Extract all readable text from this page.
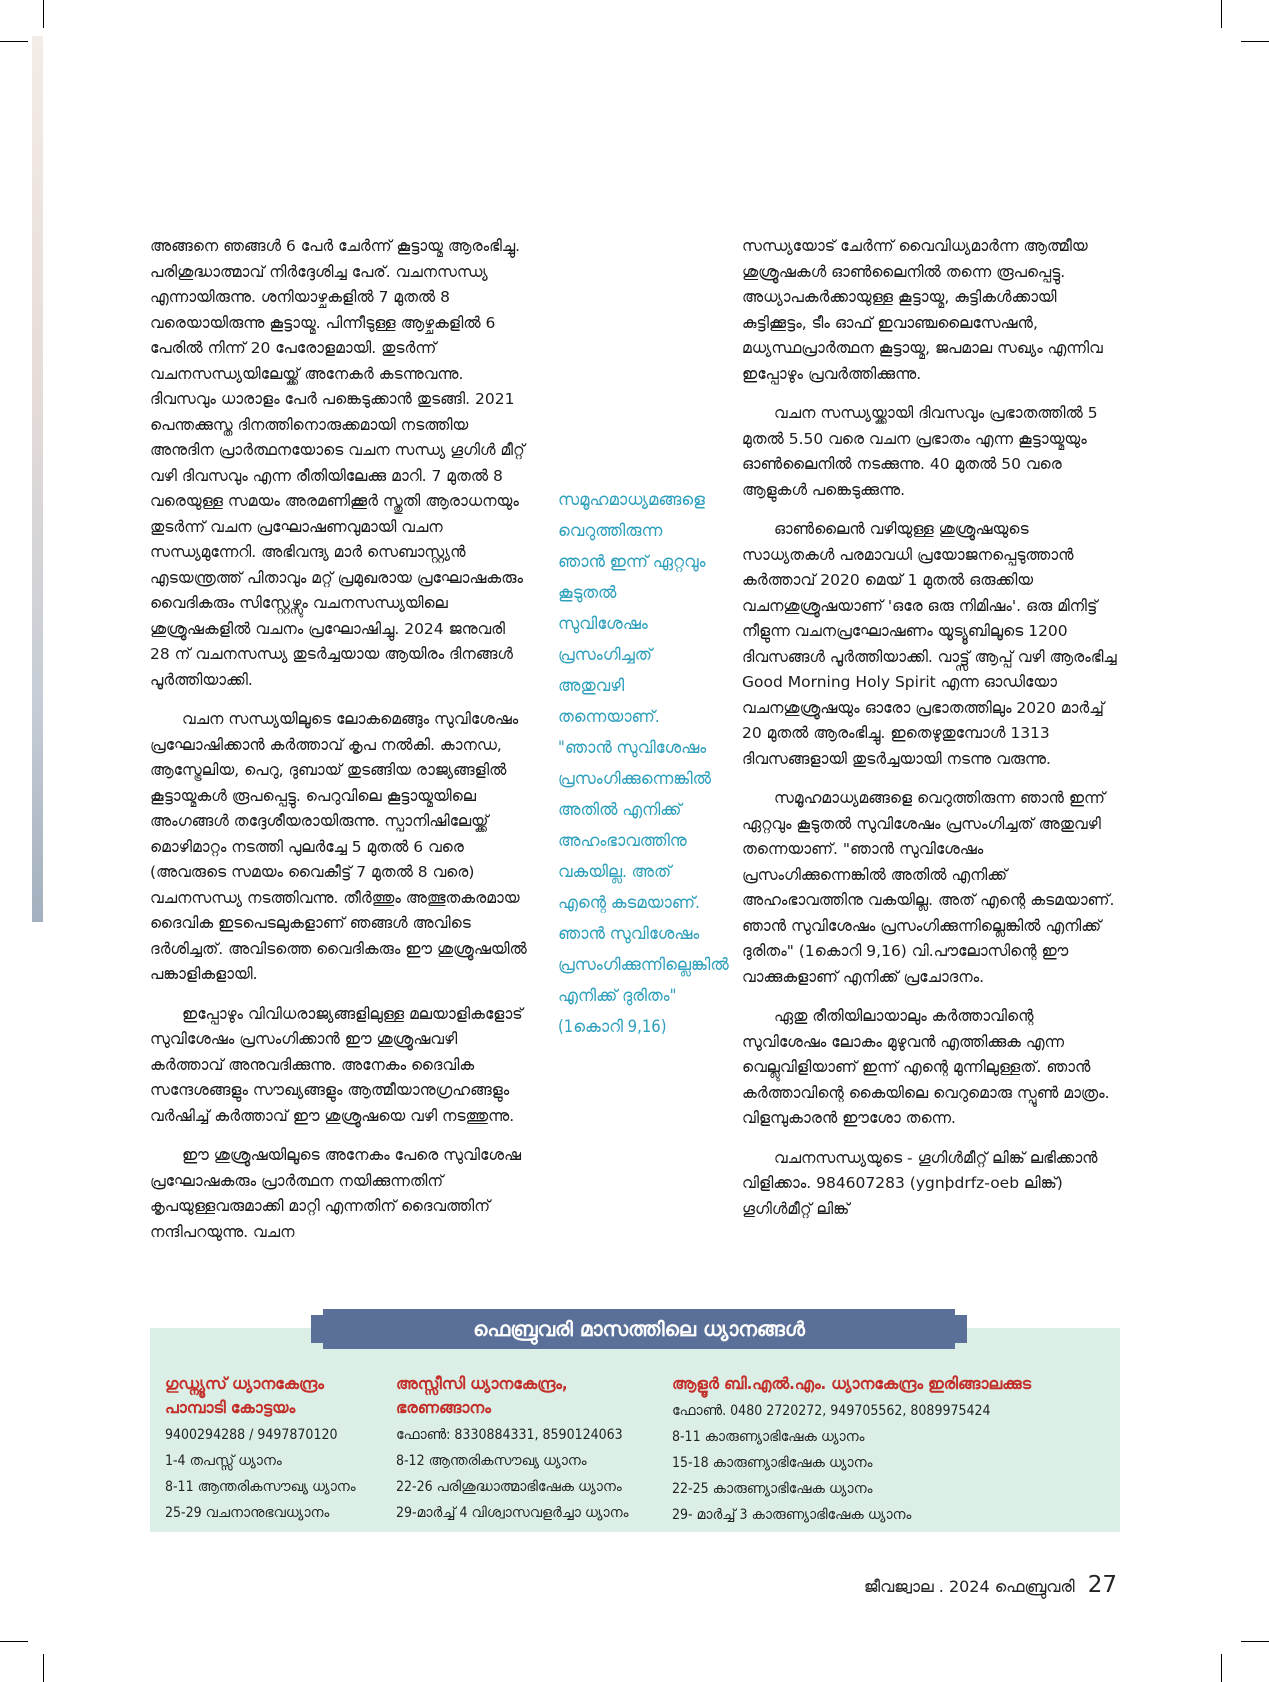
അങ്ങനെ ഞങ്ങൾ 6 പേർ ചേർന്ന് കൂട്ടായ്മ ആരംഭിച്ചു. പരിശുദ്ധാത്മാവ് നിർദ്ദേശിച്ച പേര്. വചനസന്ധ്യ എന്നായിരുന്നു. ശനിയാഴ്ചകളിൽ 7 മുതൽ 8 വരെയായിരുന്നു കൂട്ടായ്മ. പിന്നീടുള്ള ആഴ്ചകളിൽ 6 പേരിൽ നിന്ന് 20 പേരോളമായി. തുടർന്ന് വചനസന്ധ്യയിലേയ്ക്ക് അനേകർ കടന്നുവന്നു. ദിവസവും ധാരാളം പേർ പങ്കെടുക്കാൻ തുടങ്ങി. 2021 പെന്തക്കുസ്ത ദിനത്തിനൊരുക്കമായി നടത്തിയ അനുദിന പ്രാർത്ഥനയോടെ വചന സന്ധ്യ ഗൂഗിൾ മീറ്റ് വഴി ദിവസവും എന്ന രീതിയിലേക്കു മാറി. 7 മുതൽ 8 വരെയുള്ള സമയം അരമണിക്കൂർ സ്തുതി ആരാധനയും തുടർന്ന് വചന പ്രഘോഷണവുമായി വചന സന്ധ്യമുന്നേറി. അഭിവന്ദ്യ മാർ സെബാസ്റ്റ്യൻ എടയന്ത്രത്ത് പിതാവും മറ്റ് പ്രമുഖരായ പ്രഘോഷകരും വൈദികരും സിസ്റ്റേഴ്സും വചനസന്ധ്യയിലെ ശുശ്രൂഷകളിൽ വചനം പ്രഘോഷിച്ചു. 2024 ജനുവരി 28 ന് വചനസന്ധ്യ തുടർച്ചയായ ആയിരം ദിനങ്ങൾ പൂർത്തിയാക്കി.

വചന സന്ധ്യയിലൂടെ ലോകമെങ്ങും സുവിശേഷം പ്രഘോഷിക്കാൻ കർത്താവ് കൃപ നൽകി. കാനഡ, ആസ്ട്രേലിയ, പെറു, ദുബായ് തുടങ്ങിയ രാജ്യങ്ങളിൽ കൂട്ടായ്മകൾ രൂപപ്പെട്ടു. പെറുവിലെ കൂട്ടായ്മയിലെ അംഗങ്ങൾ തദ്ദേശീയരായിരുന്നു. സ്പാനിഷിലേയ്ക്ക് മൊഴിമാറ്റം നടത്തി പുലർച്ചേ 5 മുതൽ 6 വരെ (അവരുടെ സമയം വൈകീട്ട് 7 മുതൽ 8 വരെ) വചനസന്ധ്യ നടത്തിവന്നു. തീർത്തും അത്ഭുതകരമായ ദൈവിക ഇടപെടലുകളാണ് ഞങ്ങൾ അവിടെ ദർശിച്ചത്. അവിടത്തെ വൈദികരും ഈ ശുശ്രൂഷയിൽ പങ്കാളികളായി.

ഇപ്പോഴും വിവിധരാജ്യങ്ങളിലുള്ള മലയാളികളോട് സുവിശേഷം പ്രസംഗിക്കാൻ ഈ ശുശ്രൂഷവഴി കർത്താവ് അനുവദിക്കുന്നു. അനേകം ദൈവിക സന്ദേശങ്ങളും സൗഖ്യങ്ങളും ആത്മീയാനുഗ്രഹങ്ങളും വർഷിച്ച് കർത്താവ് ഈ ശുശ്രൂഷയെ വഴി നടത്തുന്നു.

ഈ ശുശ്രൂഷയിലൂടെ അനേകം പേരെ സുവിശേഷ പ്രഘോഷകരും പ്രാർത്ഥന നയിക്കുന്നതിന് കൃപയുള്ളവരുമാക്കി മാറ്റി എന്നതിന് ദൈവത്തിന് നന്ദിപറയുന്നു. വചന

സമൂഹമാധ്യമങ്ങളെ വെറുത്തിരുന്ന ഞാൻ ഇന്ന് ഏറ്റവും കൂടുതൽ സുവിശേഷം പ്രസംഗിച്ചത് അതുവഴി തന്നെയാണ്. "ഞാൻ സുവിശേഷം പ്രസംഗിക്കുന്നെങ്കിൽ അതിൽ എനിക്ക് അഹംഭാവത്തിനു വകയില്ല. അത് എന്റെ കടമയാണ്. ഞാൻ സുവിശേഷം പ്രസംഗിക്കുന്നില്ലെങ്കിൽ എനിക്ക് ദുരിതം" (1കൊറി 9,16)

സന്ധ്യയോട് ചേർന്ന് വൈവിധ്യമാർന്ന ആത്മീയ ശുശ്രൂഷകൾ ഓൺലൈനിൽ തന്നെ രൂപപ്പെട്ടു. അധ്യാപകർക്കായുള്ള കൂട്ടായ്മ, കുട്ടികൾക്കായി കുട്ടിക്കൂട്ടം, ടീം ഓഫ് ഇവാഞ്ചലൈസേഷൻ, മധ്യസ്ഥപ്രാർത്ഥന കൂട്ടായ്മ, ജപമാല സഖ്യം എന്നിവ ഇപ്പോഴും പ്രവർത്തിക്കുന്നു.

വചന സന്ധ്യയ്ക്കായി ദിവസവും പ്രഭാതത്തിൽ 5 മുതൽ 5.50 വരെ വചന പ്രഭാതം എന്ന കൂട്ടായ്മയും ഓൺലൈനിൽ നടക്കുന്നു. 40 മുതൽ 50 വരെ ആളുകൾ പങ്കെടുക്കുന്നു.

ഓൺലൈൻ വഴിയുള്ള ശുശ്രൂഷയുടെ സാധ്യതകൾ പരമാവധി പ്രയോജനപ്പെടുത്താൻ കർത്താവ് 2020 മെയ് 1 മുതൽ ഒരുക്കിയ വചനശുശ്രൂഷയാണ് 'ഒരേ ഒരു നിമിഷം'. ഒരു മിനിട്ട് നീളുന്ന വചനപ്രഘോഷണം യൂട്യൂബിലൂടെ 1200 ദിവസങ്ങൾ പൂർത്തിയാക്കി. വാട്ട്സ് ആപ്പ് വഴി ആരംഭിച്ച Good Morning Holy Spirit എന്ന ഓഡിയോ വചനശുശ്രൂഷയും ഓരോ പ്രഭാതത്തിലും 2020 മാർച്ച് 20 മുതൽ ആരംഭിച്ചു. ഇതെഴുതുമ്പോൾ 1313 ദിവസങ്ങളായി തുടർച്ചയായി നടന്നു വരുന്നു.

സമൂഹമാധ്യമങ്ങളെ വെറുത്തിരുന്ന ഞാൻ ഇന്ന് ഏറ്റവും കൂടുതൽ സുവിശേഷം പ്രസംഗിച്ചത് അതുവഴി തന്നെയാണ്. "ഞാൻ സുവിശേഷം പ്രസംഗിക്കുന്നെങ്കിൽ അതിൽ എനിക്ക് അഹംഭാവത്തിനു വകയില്ല. അത് എന്റെ കടമയാണ്. ഞാൻ സുവിശേഷം പ്രസംഗിക്കുന്നില്ലെങ്കിൽ എനിക്ക് ദുരിതം" (1കൊറി 9,16) വി.പൗലോസിന്റെ ഈ വാക്കുകളാണ് എനിക്ക് പ്രചോദനം.

ഏതു രീതിയിലായാലും കർത്താവിന്റെ സുവിശേഷം ലോകം മുഴുവൻ എത്തിക്കുക എന്ന വെല്ലുവിളിയാണ് ഇന്ന് എന്റെ മുന്നിലുള്ളത്. ഞാൻ കർത്താവിന്റെ കൈയിലെ വെറുമൊരു സ്പൂൺ മാത്രം. വിളമ്പുകാരൻ ഈശോ തന്നെ.

വചനസന്ധ്യയുടെ - ഗൂഗിൾമീറ്റ് ലിങ്ക് ലഭിക്കാൻ വിളിക്കാം. 984607283 (ygnþdrfz-oeb ലിങ്ക്) ഗൂഗിൾമീറ്റ് ലിങ്ക്

ഫെബ്രുവരി മാസത്തിലെ ധ്യാനങ്ങൾ
ഗുഡ്ന്യൂസ് ധ്യാനകേന്ദ്രം പാമ്പാടി കോട്ടയം
9400294288 / 9497870120
1-4 തപസ്സ് ധ്യാനം
8-11 ആന്തരികസൗഖ്യ ധ്യാനം
25-29 വചനാനുഭവധ്യാനം
അസ്സീസി ധ്യാനകേന്ദ്രം, ഭരണങ്ങാനം
ഫോൺ: 8330884331, 8590124063
8-12 ആന്തരികസൗഖ്യ ധ്യാനം
22-26 പരിശുദ്ധാത്മാഭിഷേക ധ്യാനം
29-മാർച്ച് 4 വിശ്വാസവളർച്ചാ ധ്യാനം
ആളൂർ ബി.എൽ.എം. ധ്യാനകേന്ദ്രം ഇരിങ്ങാലക്കുട
ഫോൺ. 0480 2720272, 949705562, 8089975424
8-11 കാരുണ്യാഭിഷേക ധ്യാനം
15-18 കാരുണ്യാഭിഷേക ധ്യാനം
22-25 കാരുണ്യാഭിഷേക ധ്യാനം
29- മാർച്ച് 3 കാരുണ്യാഭിഷേക ധ്യാനം
ജീവജ്വാല . 2024 ഫെബ്രുവരി 27
